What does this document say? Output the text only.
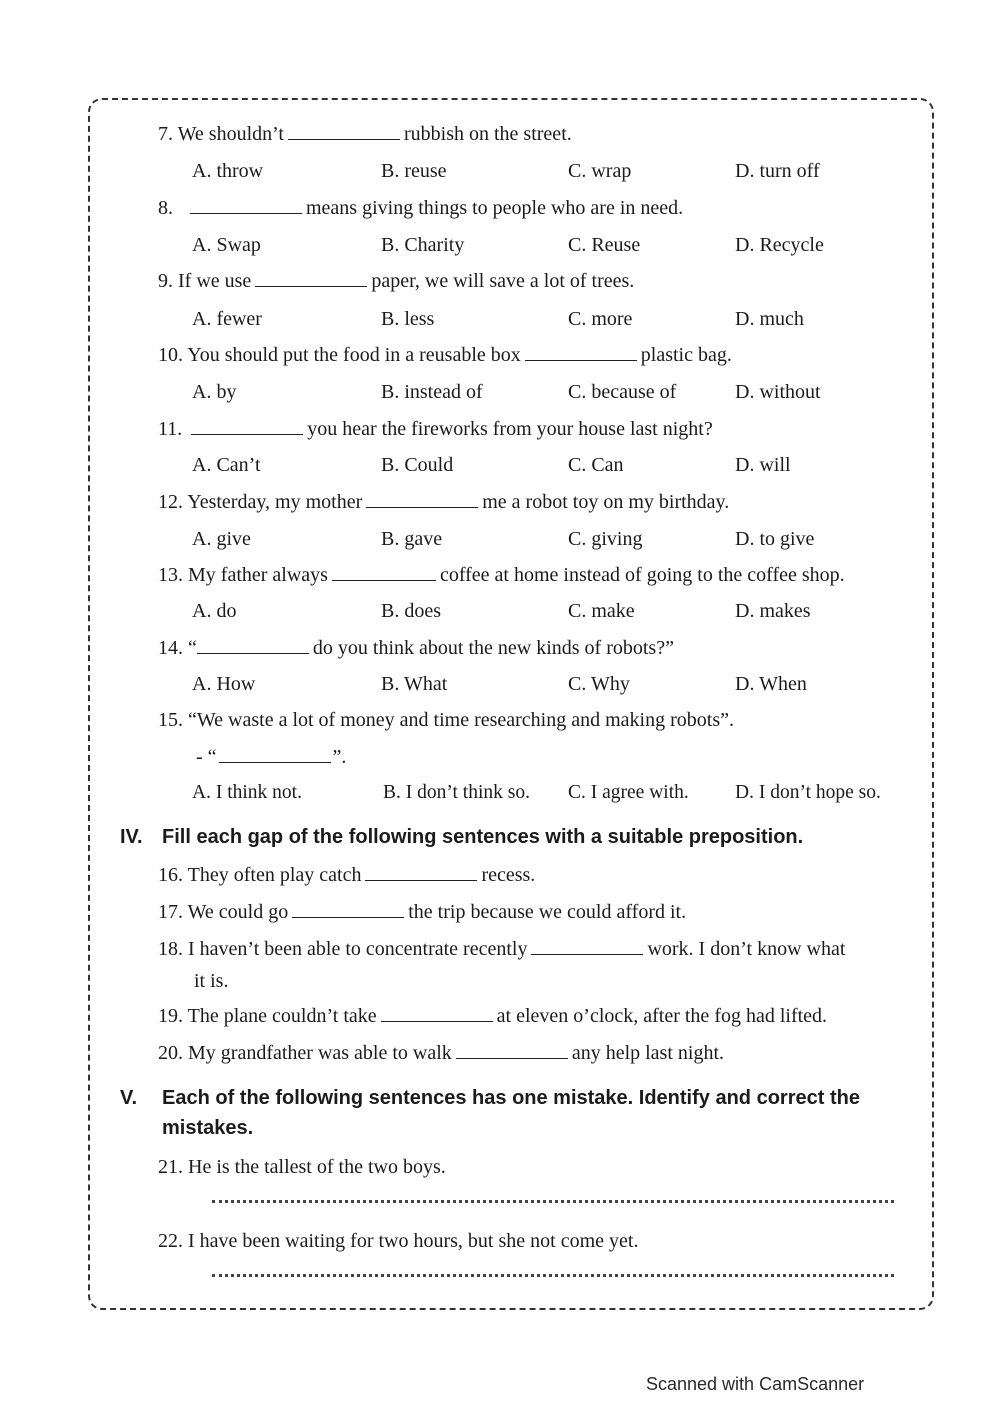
7. We shouldn’t	rubbish on the street.
A. throw	B. reuse	C. wrap	D. turn off
8.	means giving things to people who are in need.
A. Swap	B. Charity	C. Reuse	D. Recycle
9. If we use	paper, we will save a lot of trees.
A. fewer	B. less	C. more	D. much
10. You should put the food in a reusable box	plastic bag.
A. by	B. instead of	C. because of	D. without
11.	you hear the fireworks from your house last night?
A. Can’t	B. Could	C. Can	D. will
12. Yesterday, my mother	me a robot toy on my birthday.
A. give	B. gave	C. giving	D. to give
13. My father always	coffee at home instead of going to the coffee shop.
A. do	B. does	C. make	D. makes
14. “	do you think about the new kinds of robots?”
A. How	B. What	C. Why	D. When
15. “We waste a lot of money and time researching and making robots”.
- “	”.
A. I think not.	B. I don’t think so. C. I agree with. D. I don’t hope so.
IV. Fill each gap of the following sentences with a suitable preposition.
16. They often play catch	recess.
17. We could go	the trip because we could afford it.
18. I haven’t been able to concentrate recently	work. I don’t know what
it is.
19. The plane couldn’t take	at eleven o’clock, after the fog had lifted.
20. My grandfather was able to walk	any help last night.
V. Each of the following sentences has one mistake. Identify and correct the mistakes.
21. He is the tallest of the two boys.
22. I have been waiting for two hours, but she not come yet.
Scanned with CamScanner
